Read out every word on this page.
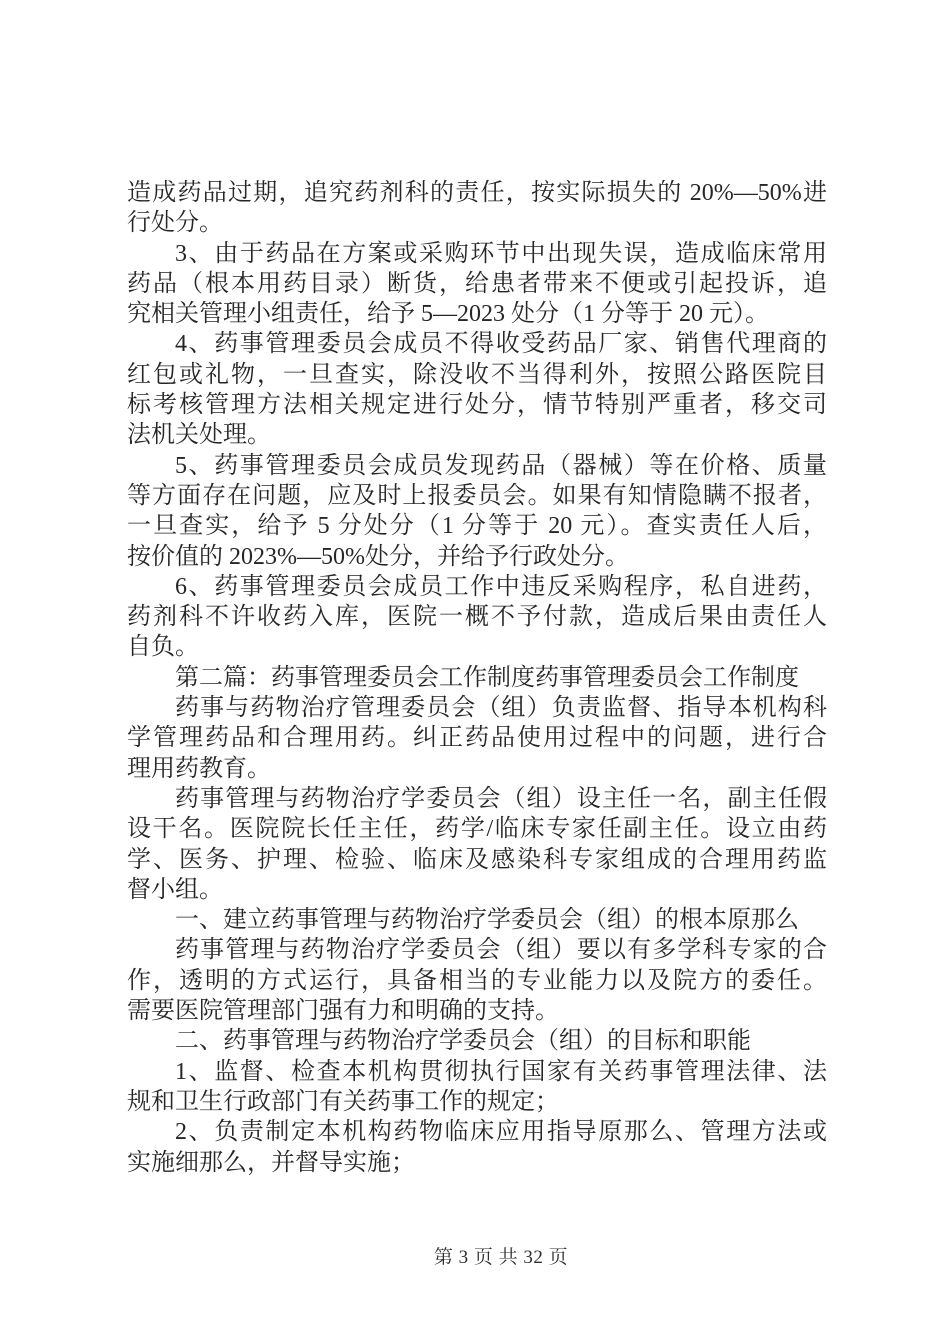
造成药品过期，追究药剂科的责任，按实际损失的 20%—50%进
行处分。
3、由于药品在方案或采购环节中出现失误，造成临床常用
药品（根本用药目录）断货，给患者带来不便或引起投诉，追
究相关管理小组责任，给予 5—2023 处分（1 分等于 20 元）。
4、药事管理委员会成员不得收受药品厂家、销售代理商的
红包或礼物，一旦查实，除没收不当得利外，按照公路医院目
标考核管理方法相关规定进行处分，情节特别严重者，移交司
法机关处理。
5、药事管理委员会成员发现药品（器械）等在价格、质量
等方面存在问题，应及时上报委员会。如果有知情隐瞒不报者，
一旦查实，给予 5 分处分（1 分等于 20 元）。查实责任人后，
按价值的 2023%—50%处分，并给予行政处分。
6、药事管理委员会成员工作中违反采购程序，私自进药，
药剂科不许收药入库，医院一概不予付款，造成后果由责任人
自负。
第二篇：药事管理委员会工作制度药事管理委员会工作制度
药事与药物治疗管理委员会（组）负责监督、指导本机构科
学管理药品和合理用药。纠正药品使用过程中的问题，进行合
理用药教育。
药事管理与药物治疗学委员会（组）设主任一名，副主任假
设干名。医院院长任主任，药学/临床专家任副主任。设立由药
学、医务、护理、检验、临床及感染科专家组成的合理用药监
督小组。
一、建立药事管理与药物治疗学委员会（组）的根本原那么
药事管理与药物治疗学委员会（组）要以有多学科专家的合
作，透明的方式运行，具备相当的专业能力以及院方的委任。
需要医院管理部门强有力和明确的支持。
二、药事管理与药物治疗学委员会（组）的目标和职能
1、监督、检查本机构贯彻执行国家有关药事管理法律、法
规和卫生行政部门有关药事工作的规定；
2、负责制定本机构药物临床应用指导原那么、管理方法或
实施细那么，并督导实施；
第 3 页 共 32 页
